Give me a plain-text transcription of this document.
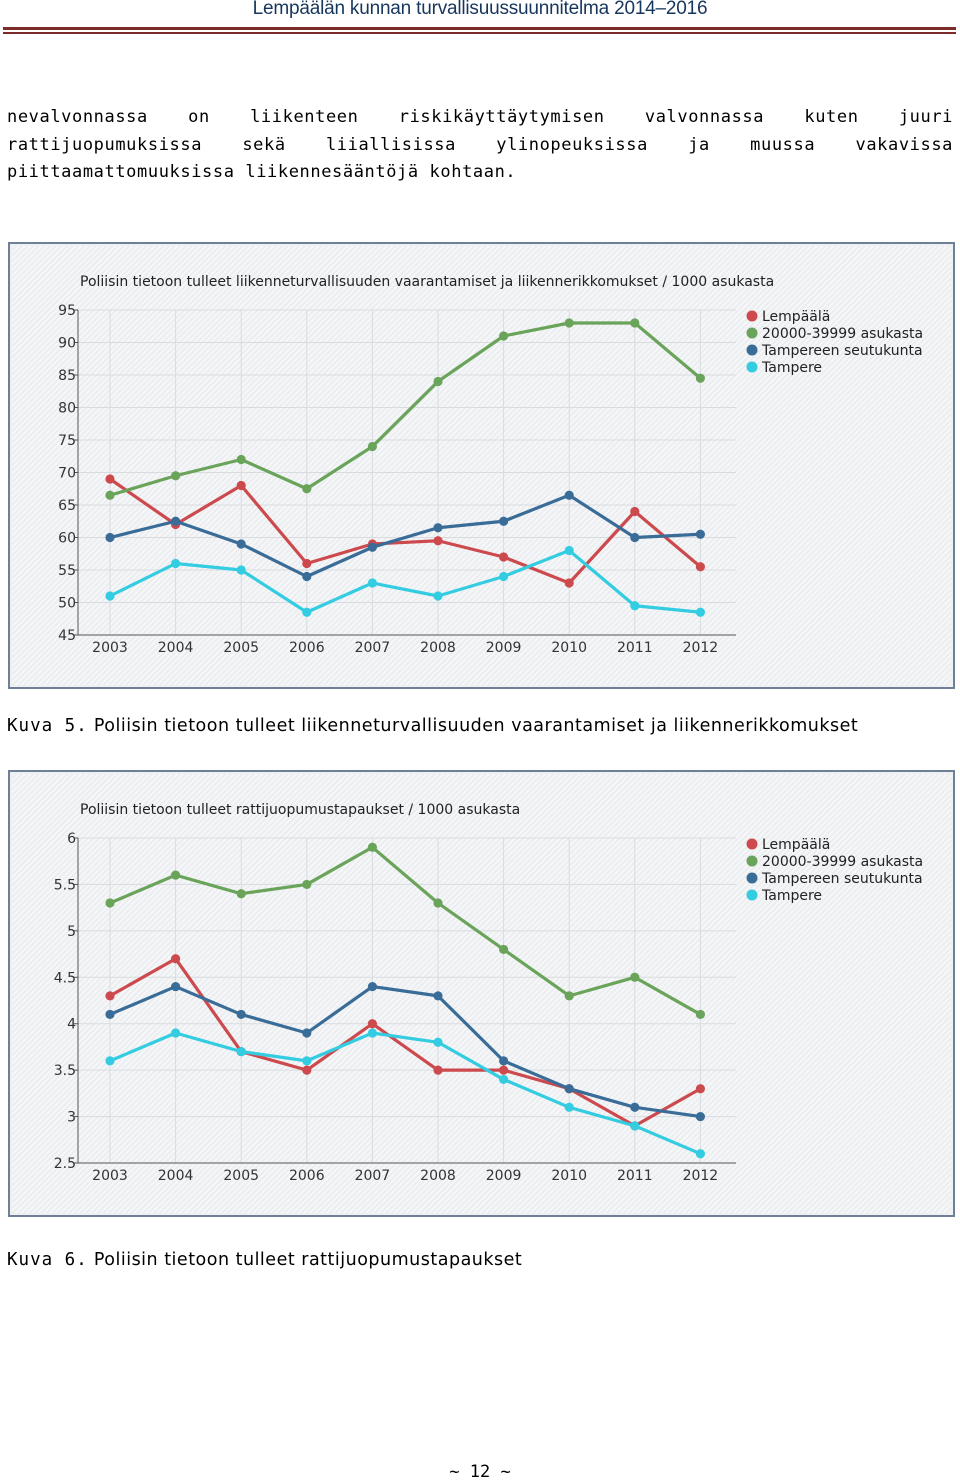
Lempäälän kunnan turvallisuussuunnitelma 2014–2016
nevalvonnassa on liikenteen riskikäyttäytymisen valvonnassa kuten juuri rattijuopumuksissa sekä liiallisissa ylinopeuksissa ja muussa vakavissa piittaamattomuuksissa liikennesääntöjä kohtaan.
Poliisin tietoon tulleet liikenneturvallisuuden vaarantamiset ja liikennerikkomukset / 1000 asukasta
45
50
55
60
65
70
75
80
85
90
95
2003 2004 2005 2006 2007 2008 2009 2010 2011 2012
Lempäälä
20000-39999 asukasta
Tampereen seutukunta
Tampere
Kuva 5. Poliisin tietoon tulleet liikenneturvallisuuden vaarantamiset ja liikennerikkomukset
Poliisin tietoon tulleet rattijuopumustapaukset / 1000 asukasta
2.5
3
3.5
4
4.5
5
5.5
6
2003 2004 2005 2006 2007 2008 2009 2010 2011 2012
Lempäälä
20000-39999 asukasta
Tampereen seutukunta
Tampere
Kuva 6. Poliisin tietoon tulleet rattijuopumustapaukset
~ 12 ~
